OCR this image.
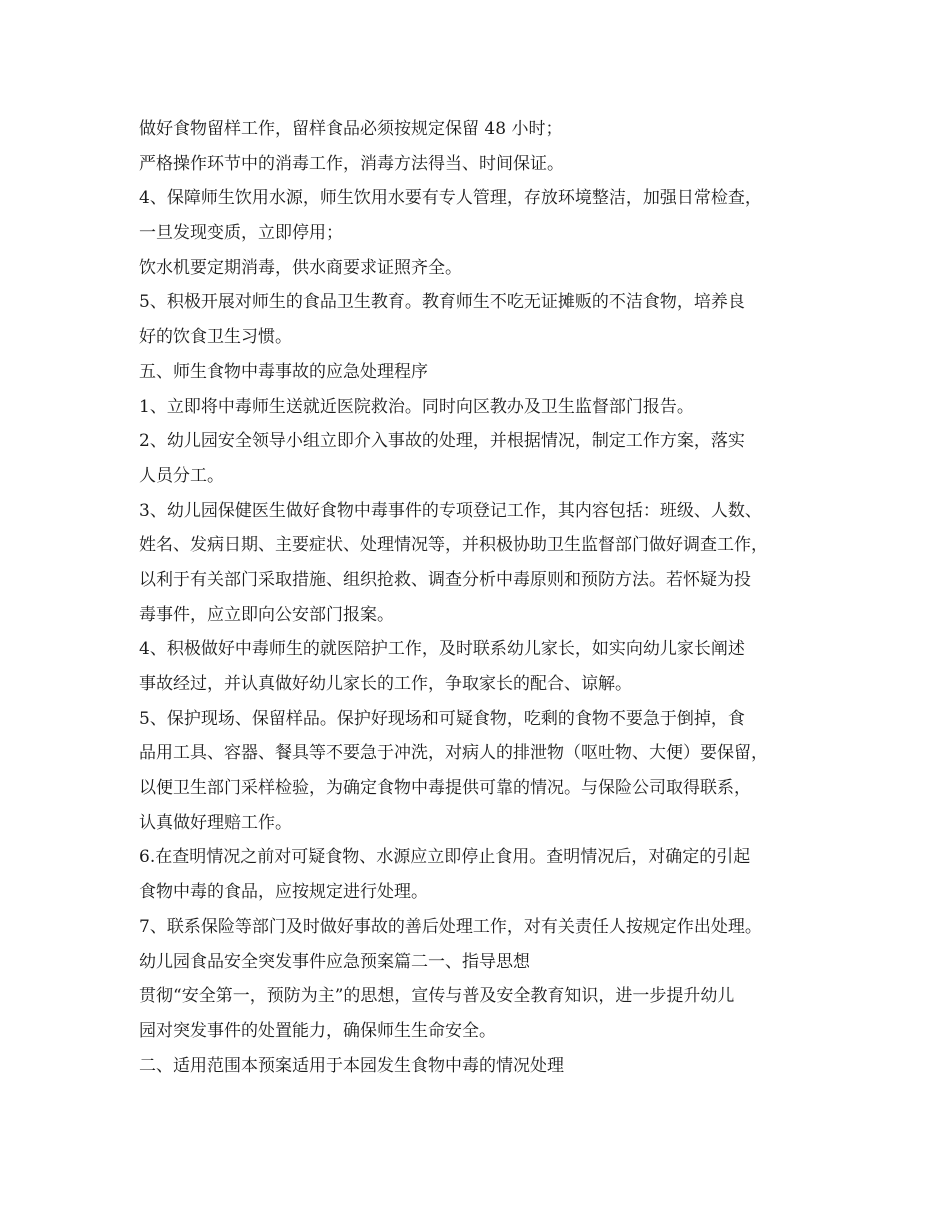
做好食物留样工作，留样食品必须按规定保留 48 小时；
严格操作环节中的消毒工作，消毒方法得当、时间保证。
4、保障师生饮用水源，师生饮用水要有专人管理，存放环境整洁，加强日常检查，
一旦发现变质，立即停用；
饮水机要定期消毒，供水商要求证照齐全。
5、积极开展对师生的食品卫生教育。教育师生不吃无证摊贩的不洁食物，培养良
好的饮食卫生习惯。
五、师生食物中毒事故的应急处理程序
1、立即将中毒师生送就近医院救治。同时向区教办及卫生监督部门报告。
2、幼儿园安全领导小组立即介入事故的处理，并根据情况，制定工作方案，落实
人员分工。
3、幼儿园保健医生做好食物中毒事件的专项登记工作，其内容包括：班级、人数、
姓名、发病日期、主要症状、处理情况等，并积极协助卫生监督部门做好调查工作，
以利于有关部门采取措施、组织抢救、调查分析中毒原则和预防方法。若怀疑为投
毒事件，应立即向公安部门报案。
4、积极做好中毒师生的就医陪护工作，及时联系幼儿家长，如实向幼儿家长阐述
事故经过，并认真做好幼儿家长的工作，争取家长的配合、谅解。
5、保护现场、保留样品。保护好现场和可疑食物，吃剩的食物不要急于倒掉，食
品用工具、容器、餐具等不要急于冲洗，对病人的排泄物（呕吐物、大便）要保留，
以便卫生部门采样检验，为确定食物中毒提供可靠的情况。与保险公司取得联系，
认真做好理赔工作。
6.在查明情况之前对可疑食物、水源应立即停止食用。查明情况后，对确定的引起
食物中毒的食品，应按规定进行处理。
7、联系保险等部门及时做好事故的善后处理工作，对有关责任人按规定作出处理。
幼儿园食品安全突发事件应急预案篇二一、指导思想
贯彻“安全第一，预防为主”的思想，宣传与普及安全教育知识，进一步提升幼儿
园对突发事件的处置能力，确保师生生命安全。
二、适用范围本预案适用于本园发生食物中毒的情况处理
